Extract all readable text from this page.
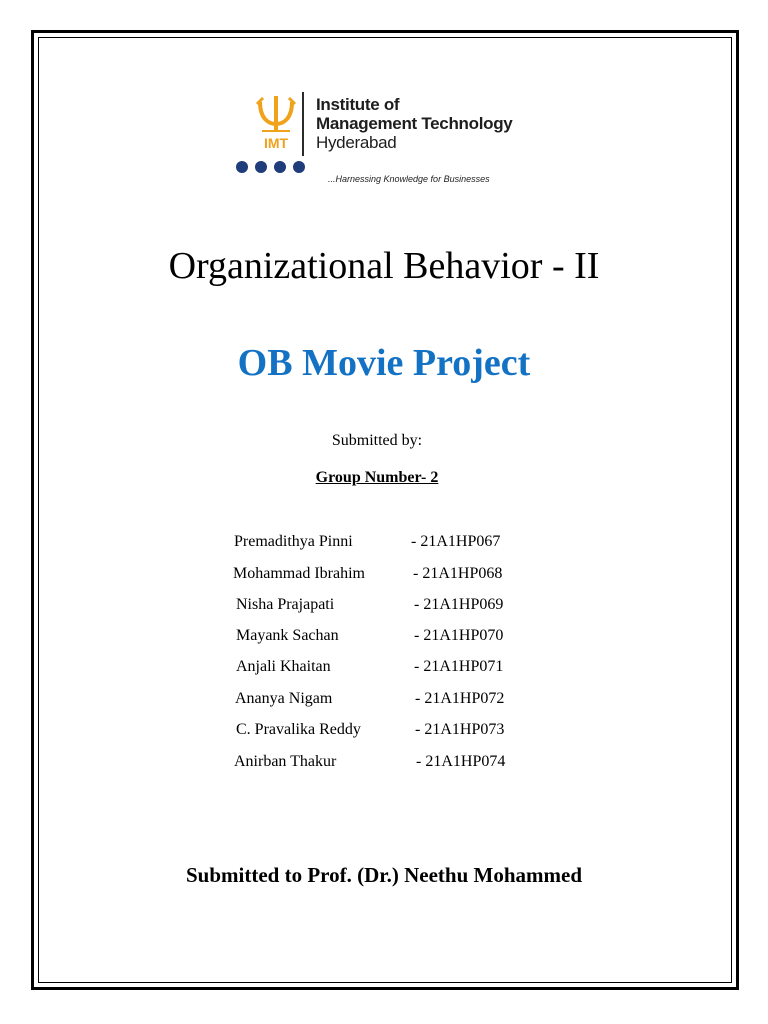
IMT
Institute of
Management Technology
Hyderabad
...Harnessing Knowledge for Businesses
Organizational Behavior - II
OB Movie Project
Submitted by:
Group Number- 2
Premadithya Pinni	- 21A1HP067
Mohammad Ibrahim	- 21A1HP068
Nisha Prajapati	- 21A1HP069
Mayank Sachan	- 21A1HP070
Anjali Khaitan	- 21A1HP071
Ananya Nigam	- 21A1HP072
C. Pravalika Reddy	- 21A1HP073
Anirban Thakur	- 21A1HP074
Submitted to Prof. (Dr.) Neethu Mohammed
